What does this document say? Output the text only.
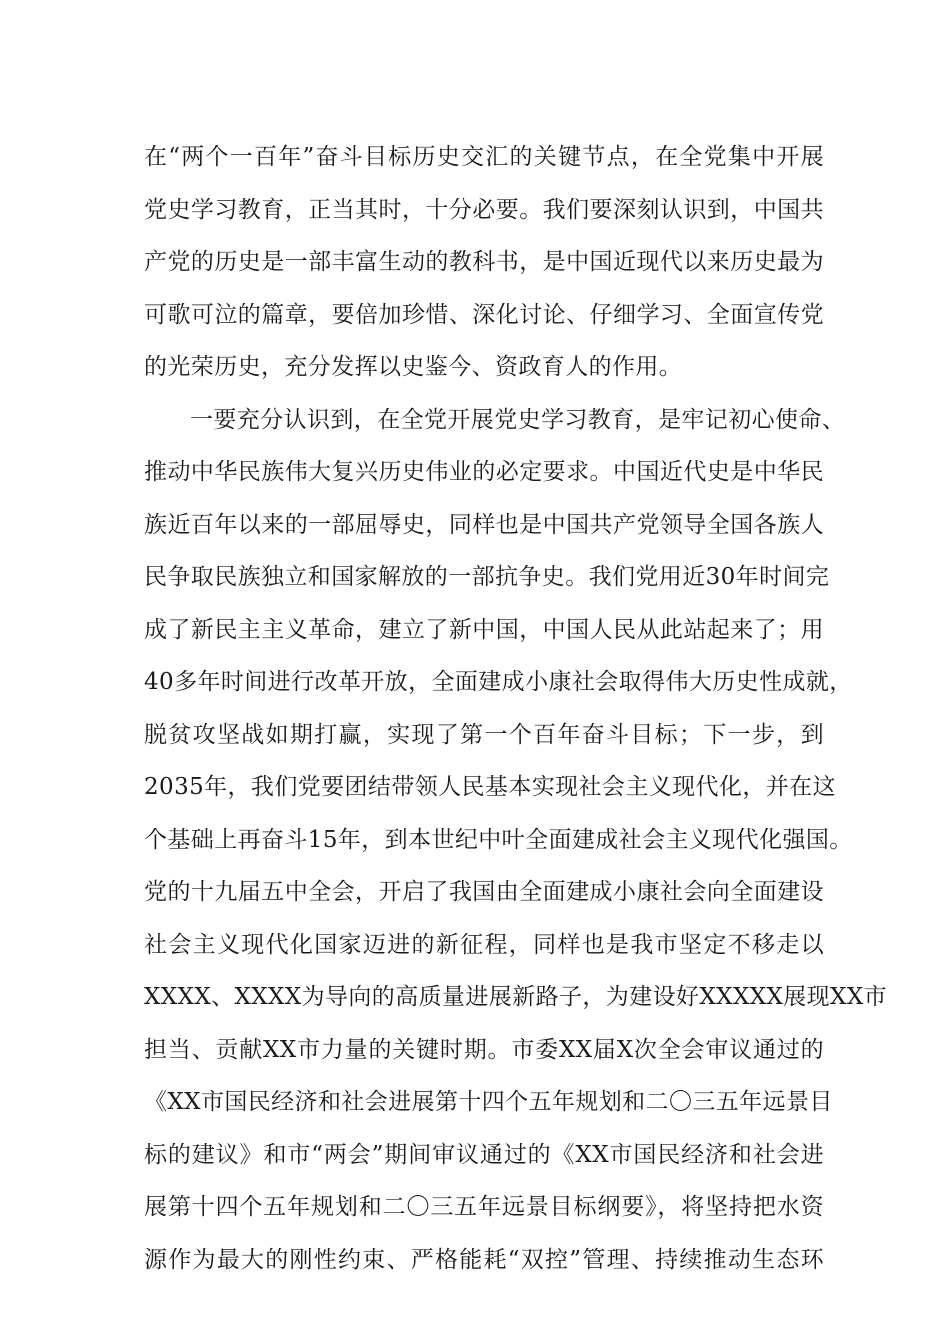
在“两个一百年”奋斗目标历史交汇的关键节点，在全党集中开展
党史学习教育，正当其时，十分必要。我们要深刻认识到，中国共
产党的历史是一部丰富生动的教科书，是中国近现代以来历史最为
可歌可泣的篇章，要倍加珍惜、深化讨论、仔细学习、全面宣传党
的光荣历史，充分发挥以史鉴今、资政育人的作用。
一要充分认识到，在全党开展党史学习教育，是牢记初心使命、
推动中华民族伟大复兴历史伟业的必定要求。中国近代史是中华民
族近百年以来的一部屈辱史，同样也是中国共产党领导全国各族人
民争取民族独立和国家解放的一部抗争史。我们党用近30年时间完
成了新民主主义革命，建立了新中国，中国人民从此站起来了；用
40多年时间进行改革开放，全面建成小康社会取得伟大历史性成就，
脱贫攻坚战如期打赢，实现了第一个百年奋斗目标；下一步，到
2035年，我们党要团结带领人民基本实现社会主义现代化，并在这
个基础上再奋斗15年，到本世纪中叶全面建成社会主义现代化强国。
党的十九届五中全会，开启了我国由全面建成小康社会向全面建设
社会主义现代化国家迈进的新征程，同样也是我市坚定不移走以
XXXX、XXXX为导向的高质量进展新路子，为建设好XXXXX展现XX市
担当、贡献XX市力量的关键时期。市委XX届X次全会审议通过的
《XX市国民经济和社会进展第十四个五年规划和二〇三五年远景目
标的建议》和市“两会”期间审议通过的《XX市国民经济和社会进
展第十四个五年规划和二〇三五年远景目标纲要》，将坚持把水资
源作为最大的刚性约束、严格能耗“双控”管理、持续推动生态环
